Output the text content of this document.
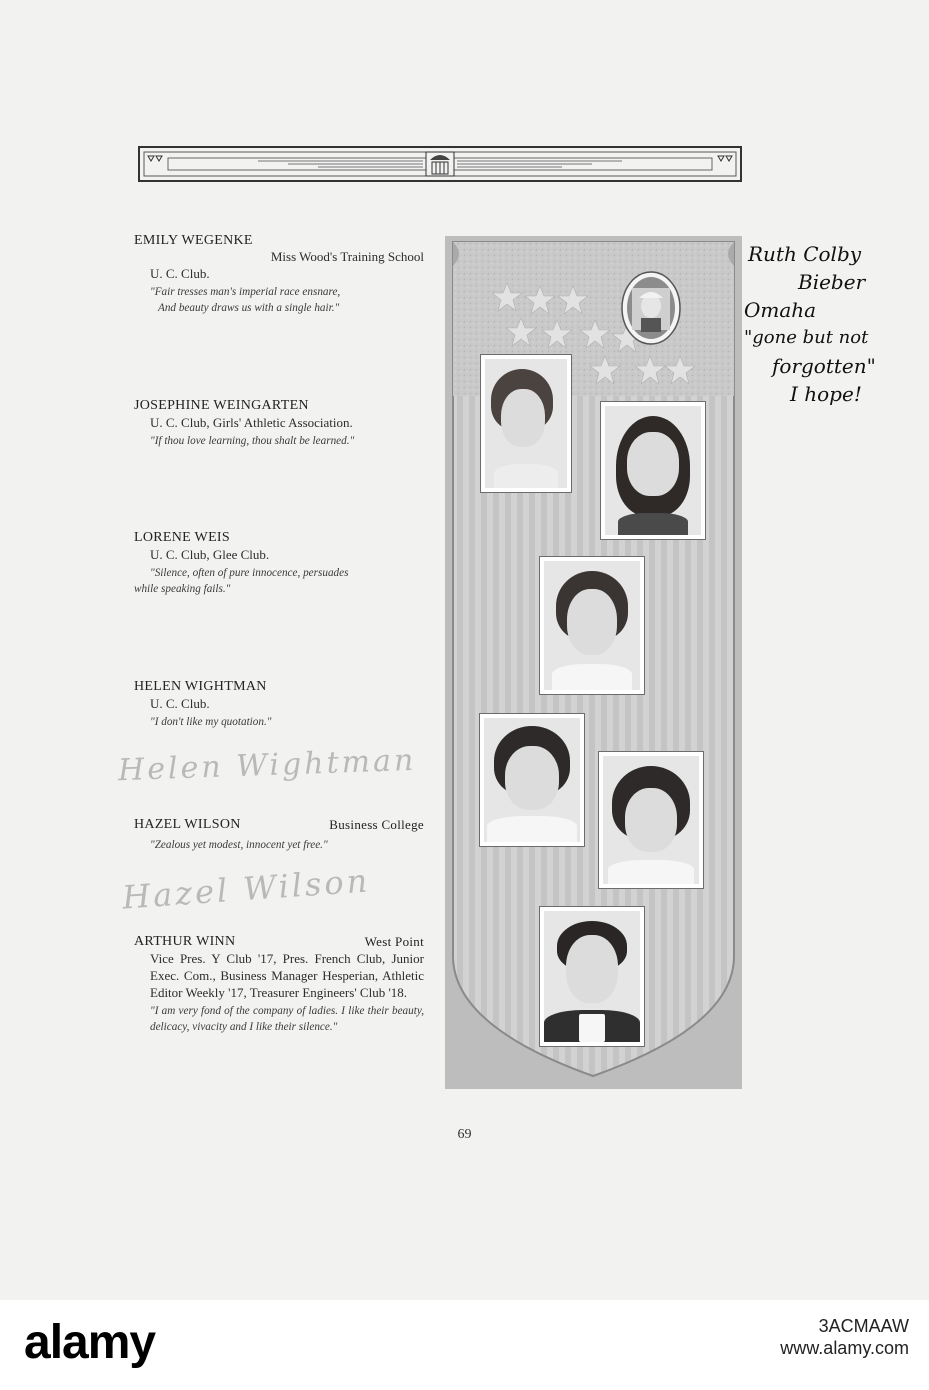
EMILY WEGENKE
Miss Wood's Training School
U. C. Club.
"Fair tresses man's imperial race ensnare,
And beauty draws us with a single hair."
JOSEPHINE WEINGARTEN
U. C. Club, Girls' Athletic Association.
"If thou love learning, thou shalt be learned."
LORENE WEIS
U. C. Club, Glee Club.
"Silence, often of pure innocence, persuades
while speaking fails."
HELEN WIGHTMAN
U. C. Club.
"I don't like my quotation."
Helen Wightman
HAZEL WILSON	Business College
"Zealous yet modest, innocent yet free."
Hazel Wilson
ARTHUR WINN	West Point
Vice Pres. Y Club '17, Pres. French Club, Junior Exec. Com., Business Manager Hesperian, Athletic Editor Weekly '17, Treasurer Engineers' Club '18.
"I am very fond of the company of ladies. I like their beauty, delicacy, vivacity and I like their silence."
Ruth Colby
Bieber
Omaha
"gone but not
forgotten"
I hope!
69
alamy	3ACMAAW
www.alamy.com
